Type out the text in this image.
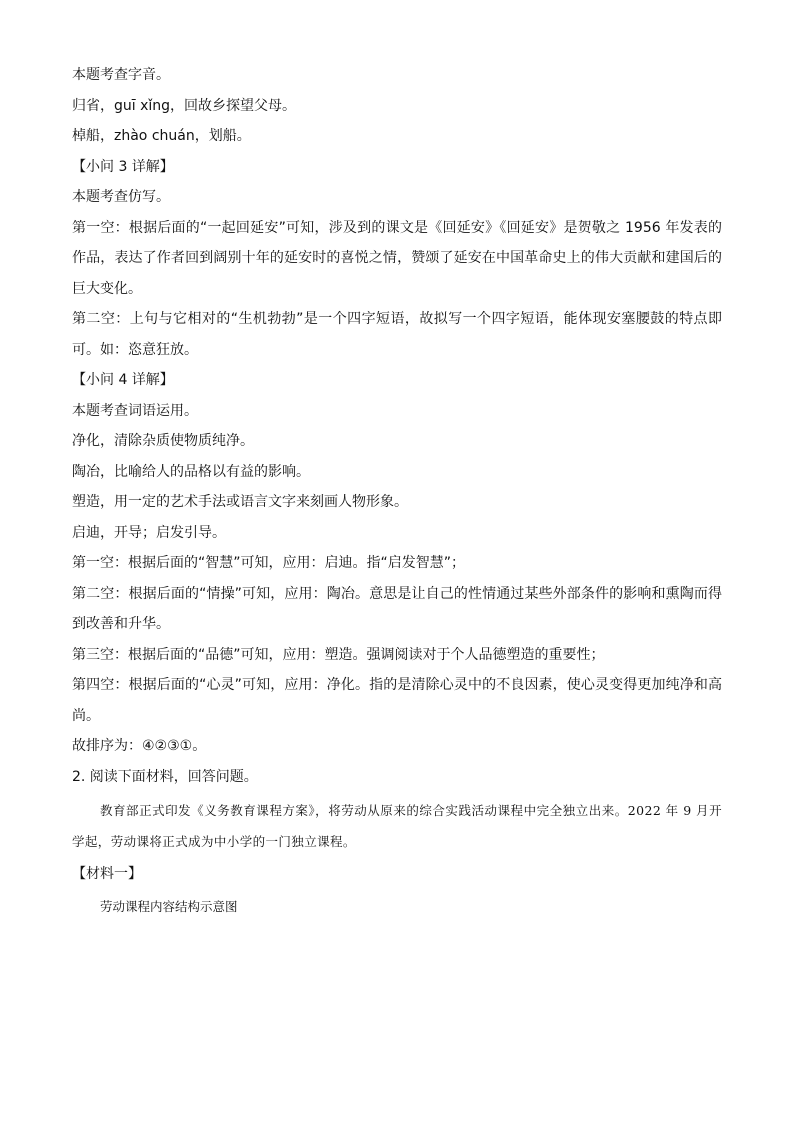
本题考查字音。
归省，guī xǐng，回故乡探望父母。
棹船，zhào chuán，划船。
【小问 3 详解】
本题考查仿写。
第一空：根据后面的“一起回延安”可知，涉及到的课文是《回延安》《回延安》是贺敬之 1956 年发表的作品，表达了作者回到阔别十年的延安时的喜悦之情，赞颂了延安在中国革命史上的伟大贡献和建国后的巨大变化。
第二空：上句与它相对的“生机勃勃”是一个四字短语，故拟写一个四字短语，能体现安塞腰鼓的特点即可。如：恣意狂放。
【小问 4 详解】
本题考查词语运用。
净化，清除杂质使物质纯净。
陶冶，比喻给人的品格以有益的影响。
塑造，用一定的艺术手法或语言文字来刻画人物形象。
启迪，开导；启发引导。
第一空：根据后面的“智慧”可知，应用：启迪。指“启发智慧”；
第二空：根据后面的“情操”可知，应用：陶冶。意思是让自己的性情通过某些外部条件的影响和熏陶而得到改善和升华。
第三空：根据后面的“品德”可知，应用：塑造。强调阅读对于个人品德塑造的重要性；
第四空：根据后面的“心灵”可知，应用：净化。指的是清除心灵中的不良因素，使心灵变得更加纯净和高尚。
故排序为：④②③①。
2. 阅读下面材料，回答问题。
教育部正式印发《义务教育课程方案》，将劳动从原来的综合实践活动课程中完全独立出来。2022 年 9 月开学起，劳动课将正式成为中小学的一门独立课程。
【材料一】
劳动课程内容结构示意图
